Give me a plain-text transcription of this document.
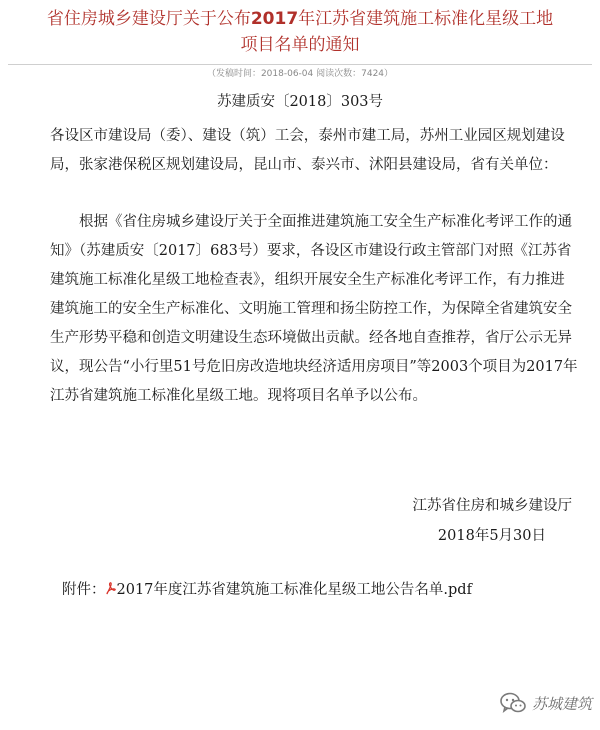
省住房城乡建设厅关于公布2017年江苏省建筑施工标准化星级工地
项目名单的通知
（发稿时间：2018-06-04 阅读次数：7424）
苏建质安〔2018〕303号

各设区市建设局（委）、建设（筑）工会，泰州市建工局，苏州工业园区规划建设局，张家港保税区规划建设局，昆山市、泰兴市、沭阳县建设局，省有关单位：

根据《省住房城乡建设厅关于全面推进建筑施工安全生产标准化考评工作的通知》（苏建质安〔2017〕683号）要求，各设区市建设行政主管部门对照《江苏省建筑施工标准化星级工地检查表》，组织开展安全生产标准化考评工作，有力推进建筑施工的安全生产标准化、文明施工管理和扬尘防控工作，为保障全省建筑安全生产形势平稳和创造文明建设生态环境做出贡献。经各地自查推荐，省厅公示无异议，现公告“小行里51号危旧房改造地块经济适用房项目”等2003个项目为2017年江苏省建筑施工标准化星级工地。现将项目名单予以公布。

江苏省住房和城乡建设厅
2018年5月30日
附件： 2017年度江苏省建筑施工标准化星级工地公告名单.pdf
苏城建筑
